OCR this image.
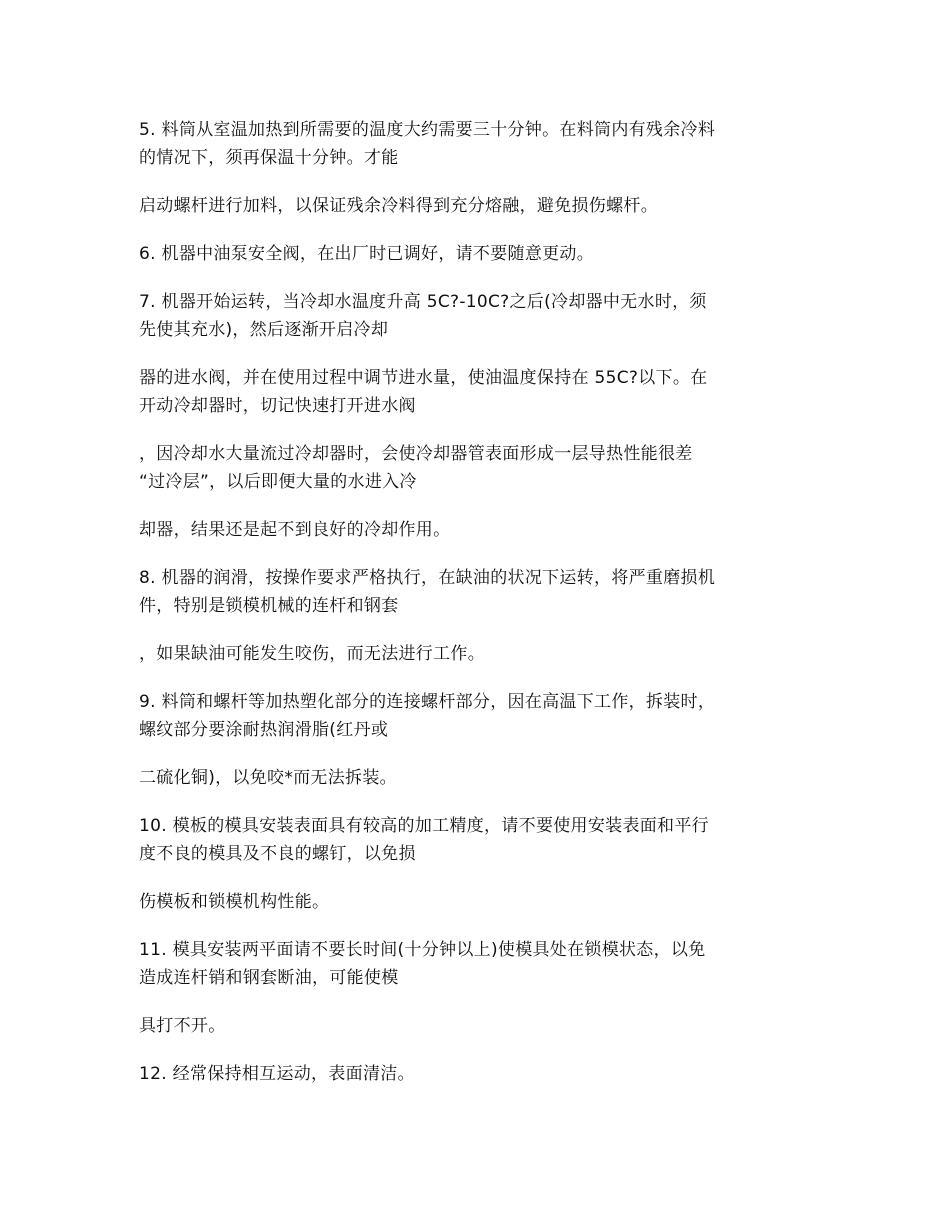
5. 料筒从室温加热到所需要的温度大约需要三十分钟。在料筒内有残余冷料
的情况下，须再保温十分钟。才能

启动螺杆进行加料，以保证残余冷料得到充分熔融，避免损伤螺杆。

6. 机器中油泵安全阀，在出厂时已调好，请不要随意更动。

7. 机器开始运转，当冷却水温度升高 5C?-10C?之后(冷却器中无水时，须
先使其充水)，然后逐渐开启冷却

器的进水阀，并在使用过程中调节进水量，使油温度保持在 55C?以下。在
开动冷却器时，切记快速打开进水阀

，因冷却水大量流过冷却器时，会使冷却器管表面形成一层导热性能很差
“过冷层”，以后即便大量的水进入冷

却器，结果还是起不到良好的冷却作用。

8. 机器的润滑，按操作要求严格执行，在缺油的状况下运转，将严重磨损机
件，特别是锁模机械的连杆和钢套

，如果缺油可能发生咬伤，而无法进行工作。

9. 料筒和螺杆等加热塑化部分的连接螺杆部分，因在高温下工作，拆装时，
螺纹部分要涂耐热润滑脂(红丹或

二硫化铜)，以免咬*而无法拆装。

10. 模板的模具安装表面具有较高的加工精度，请不要使用安装表面和平行
度不良的模具及不良的螺钉，以免损

伤模板和锁模机构性能。

11. 模具安装两平面请不要长时间(十分钟以上)使模具处在锁模状态，以免
造成连杆销和钢套断油，可能使模

具打不开。

12. 经常保持相互运动，表面清洁。
